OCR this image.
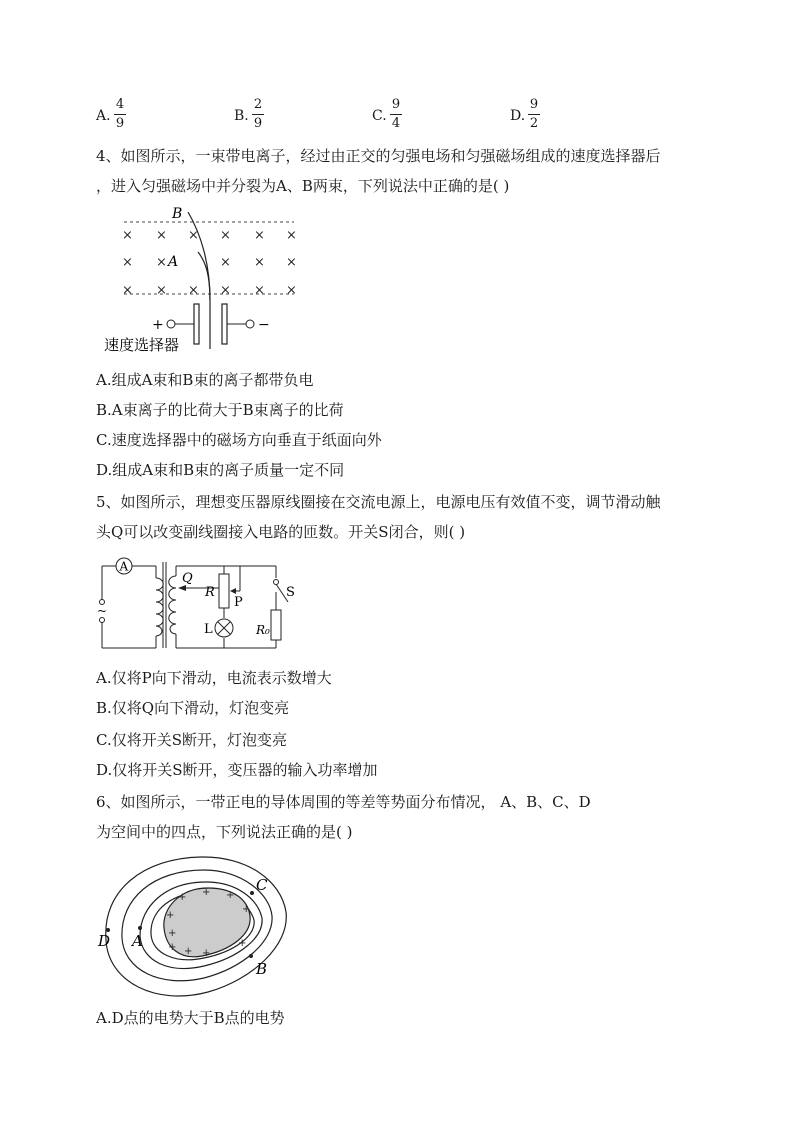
A.
4
9	B.
2
9	C.
9
4	D.
9
2
4、如图所示，一束带电离子，经过由正交的匀强电场和匀强磁场组成的速度选择器后
，进入匀强磁场中并分裂为A、B两束，下列说法中正确的是( )
× × × × × ×
× ×	× × ×
× × × × × ×
B
A
+	−
速度选择器
A.组成A束和B束的离子都带负电
B.A束离子的比荷大于B束离子的比荷
C.速度选择器中的磁场方向垂直于纸面向外
D.组成A束和B束的离子质量一定不同
5、如图所示，理想变压器原线圈接在交流电源上，电源电压有效值不变，调节滑动触
头Q可以改变副线圈接入电路的匝数。开关S闭合，则( )
A
~
Q
R
P
S
L	R₀
A.仅将P向下滑动，电流表示数增大
B.仅将Q向下滑动，灯泡变亮
C.仅将开关S断开，灯泡变亮
D.仅将开关S断开，变压器的输入功率增加
6、如图所示，一带正电的导体周围的等差等势面分布情况， A、B、C、D
为空间中的四点，下列说法正确的是( )
+ + +
+
+
+
+ + +
+
C
D A
B
A.D点的电势大于B点的电势
